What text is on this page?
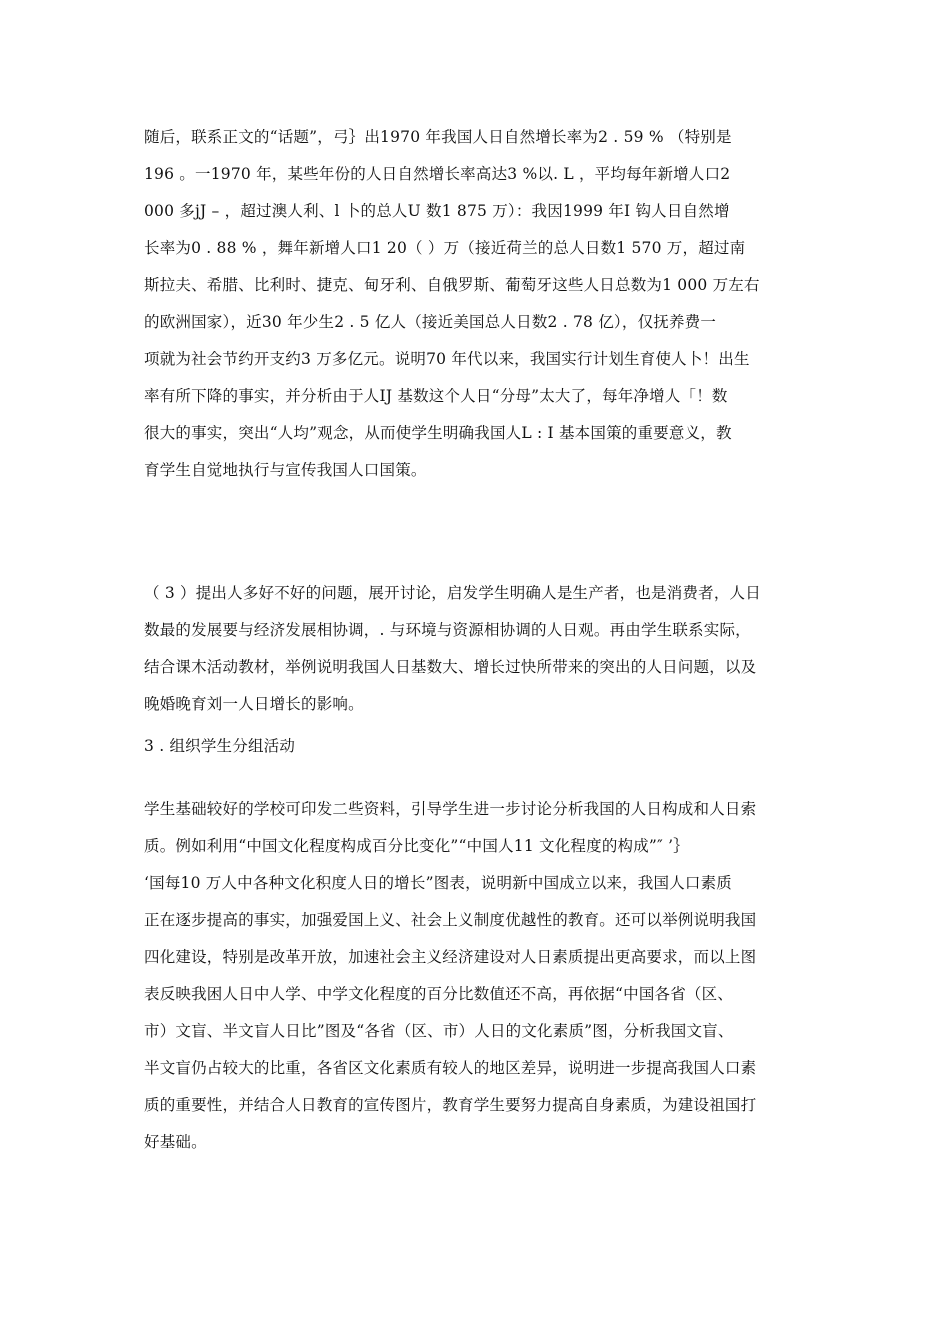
随后，联系正文的“话题”，弓｝出1970 年我国人日自然增长率为2 . 59 % （特别是
196 。一1970 年，某些年份的人日自然增长率高达3 %以. L ，平均每年新增人口2
000 多jJ – ，超过澳人利、l 卜的总人U 数1 875 万）：我因1999 年I 钩人日自然增
长率为0 . 88 % ，舞年新增人口1 20（ ）万（接近荷兰的总人日数1 570 万，超过南
斯拉夫、希腊、比利时、捷克、甸牙利、自俄罗斯、葡萄牙这些人日总数为1 000 万左右
的欧洲国家），近30 年少生2 . 5 亿人（接近美国总人日数2 . 78 亿），仅抚养费一
项就为社会节约开支约3 万多亿元。说明70 年代以来，我国实行计划生育使人卜！出生
率有所下降的事实，并分析由于人IJ 基数这个人日“分母”太大了，每年净增人「！数
很大的事实，突出“人均”观念，从而使学生明确我国人L : I 基本国策的重要意义，教
育学生自觉地执行与宣传我国人口国策。
（ 3 ）提出人多好不好的问题，展开讨论，启发学生明确人是生产者，也是消费者，人日
数最的发展要与经济发展相协调，. 与环境与资源相协调的人日观。再由学生联系实际，
结合课木活动教材，举例说明我国人日基数大、增长过快所带来的突出的人日问题，以及
晚婚晚育刘一人日增长的影响。
3 . 组织学生分组活动
学生基础较好的学校可印发二些资料，引导学生进一步讨论分析我国的人日构成和人日索
质。例如利用“中国文化程度构成百分比变化”“中国人11 文化程度的构成”″ ’｝
‘国每10 万人中各种文化积度人日的增长”图表，说明新中国成立以来，我国人口素质
正在逐步提高的事实，加强爱国上义、社会上义制度优越性的教育。还可以举例说明我国
四化建设，特别是改革开放，加速社会主义经济建设对人日素质提出更高要求，而以上图
表反映我困人日中人学、中学文化程度的百分比数值还不高，再依据“中国各省（区、
市）文盲、半文盲人日比”图及“各省（区、市）人日的文化素质”图，分析我国文盲、
半文盲仍占较大的比重，各省区文化素质有较人的地区差异，说明进一步提高我国人口素
质的重要性，并结合人日教育的宣传图片，教育学生要努力提高自身素质，为建设祖国打
好基础。
